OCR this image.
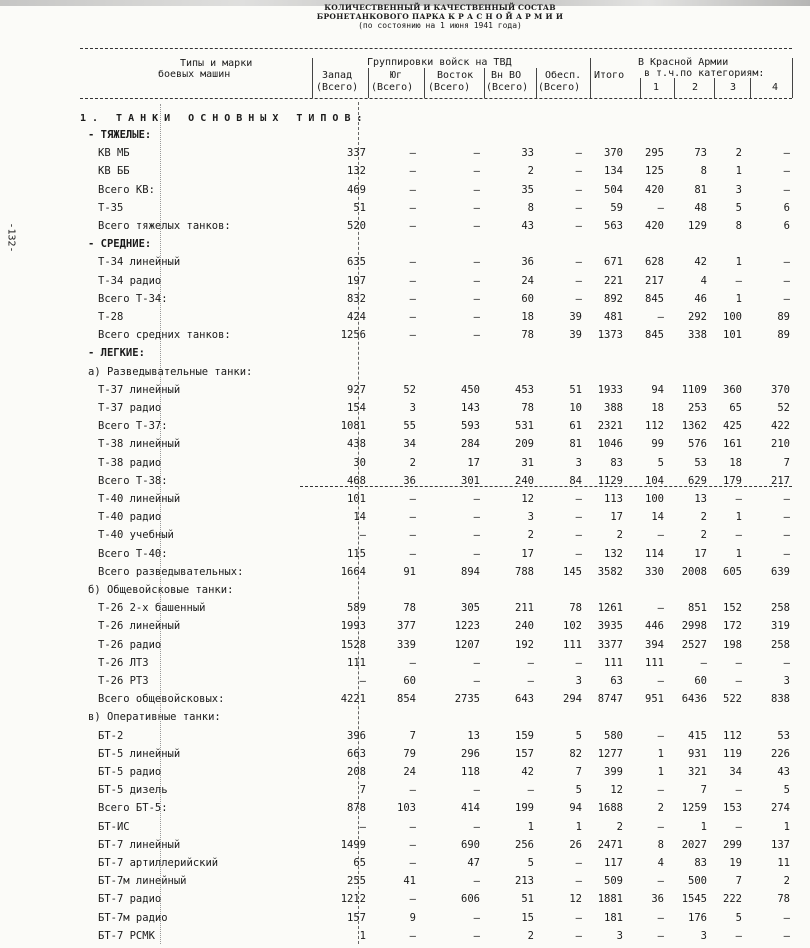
КОЛИЧЕСТВЕННЫЙ И КАЧЕСТВЕННЫЙ СОСТАВ
БРОНЕТАНКОВОГО ПАРКА К Р А С Н О Й А Р М И И
(по состоянию на 1 июня 1941 года)
-132-
Типы и марки
боевых машин
Группировки войск на ТВД	В Красной Армии
в т.ч.по категориям:
Запад	Юг	Восток Вн ВО Обесп. Итого
(Всего) (Всего) (Всего) (Всего) (Всего)	1	2	3	4
1. ТАНКИ ОСНОВНЫХ ТИПОВ:
- ТЯЖЕЛЫЕ:
КВ МБ	337	–	–	33	– 370 295	73	2	–
КВ ББ	132	–	–	2	– 134 125	8	1	–
Всего КВ:	469	–	–	35	– 504 420	81	3	–
Т-35	51	–	–	8	–	59	–	48	5	6
Всего тяжелых танков:	520	–	–	43	– 563 420 129	8	6
- СРЕДНИЕ:
Т-34 линейный	635	–	–	36	– 671 628	42	1	–
Т-34 радио	197	–	–	24	– 221 217	4	–	–
Всего Т-34:	832	–	–	60	– 892 845	46	1	–
Т-28	424	–	–	18	39 481	– 292 100	89
Всего средних танков:	1256	–	–	78	39 1373 845 338 101	89
- ЛЕГКИЕ:
а) Разведывательные танки:
Т-37 линейный	927	52	450	453	51 1933	94 1109 360	370
Т-37 радио	154	3	143	78	10 388	18 253 65	52
Всего Т-37:	1081	55	593	531	61 2321 112 1362 425	422
Т-38 линейный	438	34	284	209	81 1046	99 576 161	210
Т-38 радио	30	2	17	31	3	83	5	53 18	7
Всего Т-38:	468	36	301	240	84 1129 104 629 179	217
Т-40 линейный	101	–	–	12	– 113 100	13	–	–
Т-40 радио	14	–	–	3	–	17	14	2	1	–
Т-40 учебный	–	–	–	2	–	2	–	2	–	–
Всего Т-40:	115	–	–	17	– 132 114	17	1	–
Всего разведывательных:	1664	91	894	788	145 3582 330 2008 605	639
б) Общевойсковые танки:
Т-26 2-х башенный	589	78	305	211	78 1261	– 851 152	258
Т-26 линейный	1993	377	1223	240	102 3935 446 2998 172	319
Т-26 радио	1528	339	1207	192	111 3377 394 2527 198	258
Т-26 ЛТЗ	111	–	–	–	– 111 111	–	–	–
Т-26 РТЗ	–	60	–	–	3	63	–	60	–	3
Всего общевойсковых:	4221	854	2735	643	294 8747 951 6436 522	838
в) Оперативные танки:
БТ-2	396	7	13	159	5 580	– 415 112	53
БТ-5 линейный	663	79	296	157	82 1277	1 931 119	226
БТ-5 радио	208	24	118	42	7 399	1 321 34	43
БТ-5 дизель	7	–	–	–	5	12	–	7	–	5
Всего БТ-5:	878	103	414	199	94 1688	2 1259 153	274
БТ-ИС	–	–	–	1	1	2	–	1	–	1
БТ-7 линейный	1499	–	690	256	26 2471	8 2027 299	137
БТ-7 артиллерийский	65	–	47	5	– 117	4	83 19	11
БТ-7м линейный	255	41	–	213	– 509	– 500	7	2
БТ-7 радио	1212	–	606	51	12 1881	36 1545 222	78
БТ-7м радио	157	9	–	15	– 181	– 176	5	–
БТ-7 РСМК	1	–	–	2	–	3	–	3	–	–
